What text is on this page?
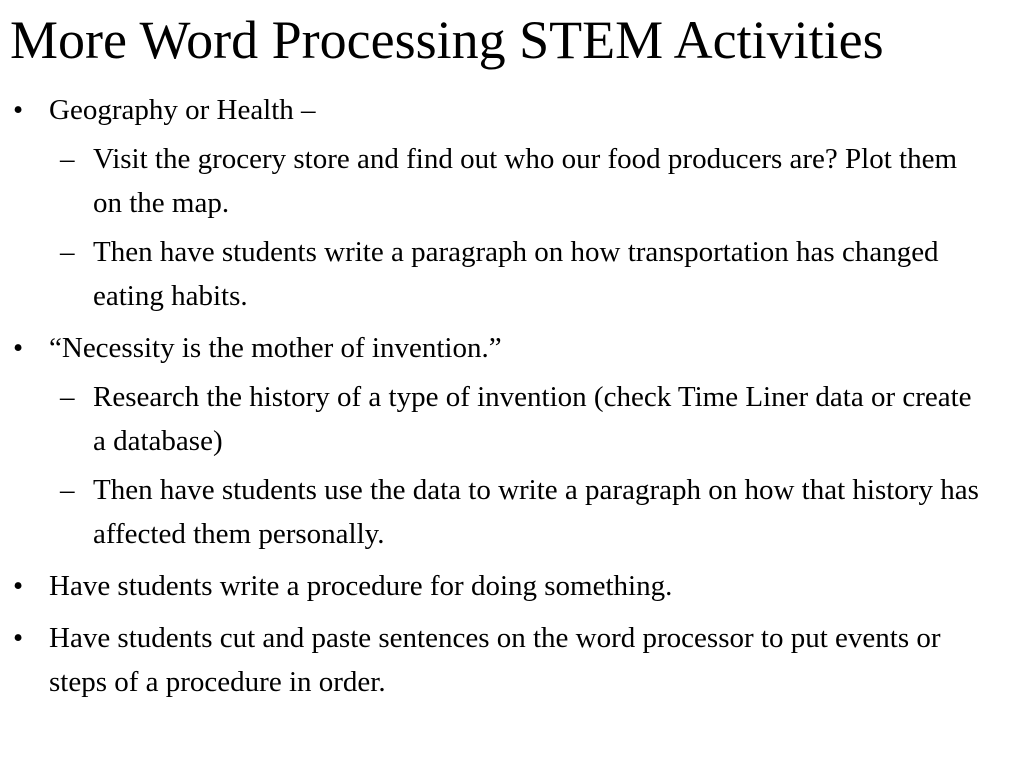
More Word Processing STEM Activities
• Geography or Health –
– Visit the grocery store and find out who our food producers are? Plot them on the map.
– Then have students write a paragraph on how transportation has changed eating habits.
• “Necessity is the mother of invention.”
– Research the history of a type of invention (check Time Liner data or create a database)
– Then have students use the data to write a paragraph on how that history has affected them personally.
• Have students write a procedure for doing something.
• Have students cut and paste sentences on the word processor to put events or steps of a procedure in order.
